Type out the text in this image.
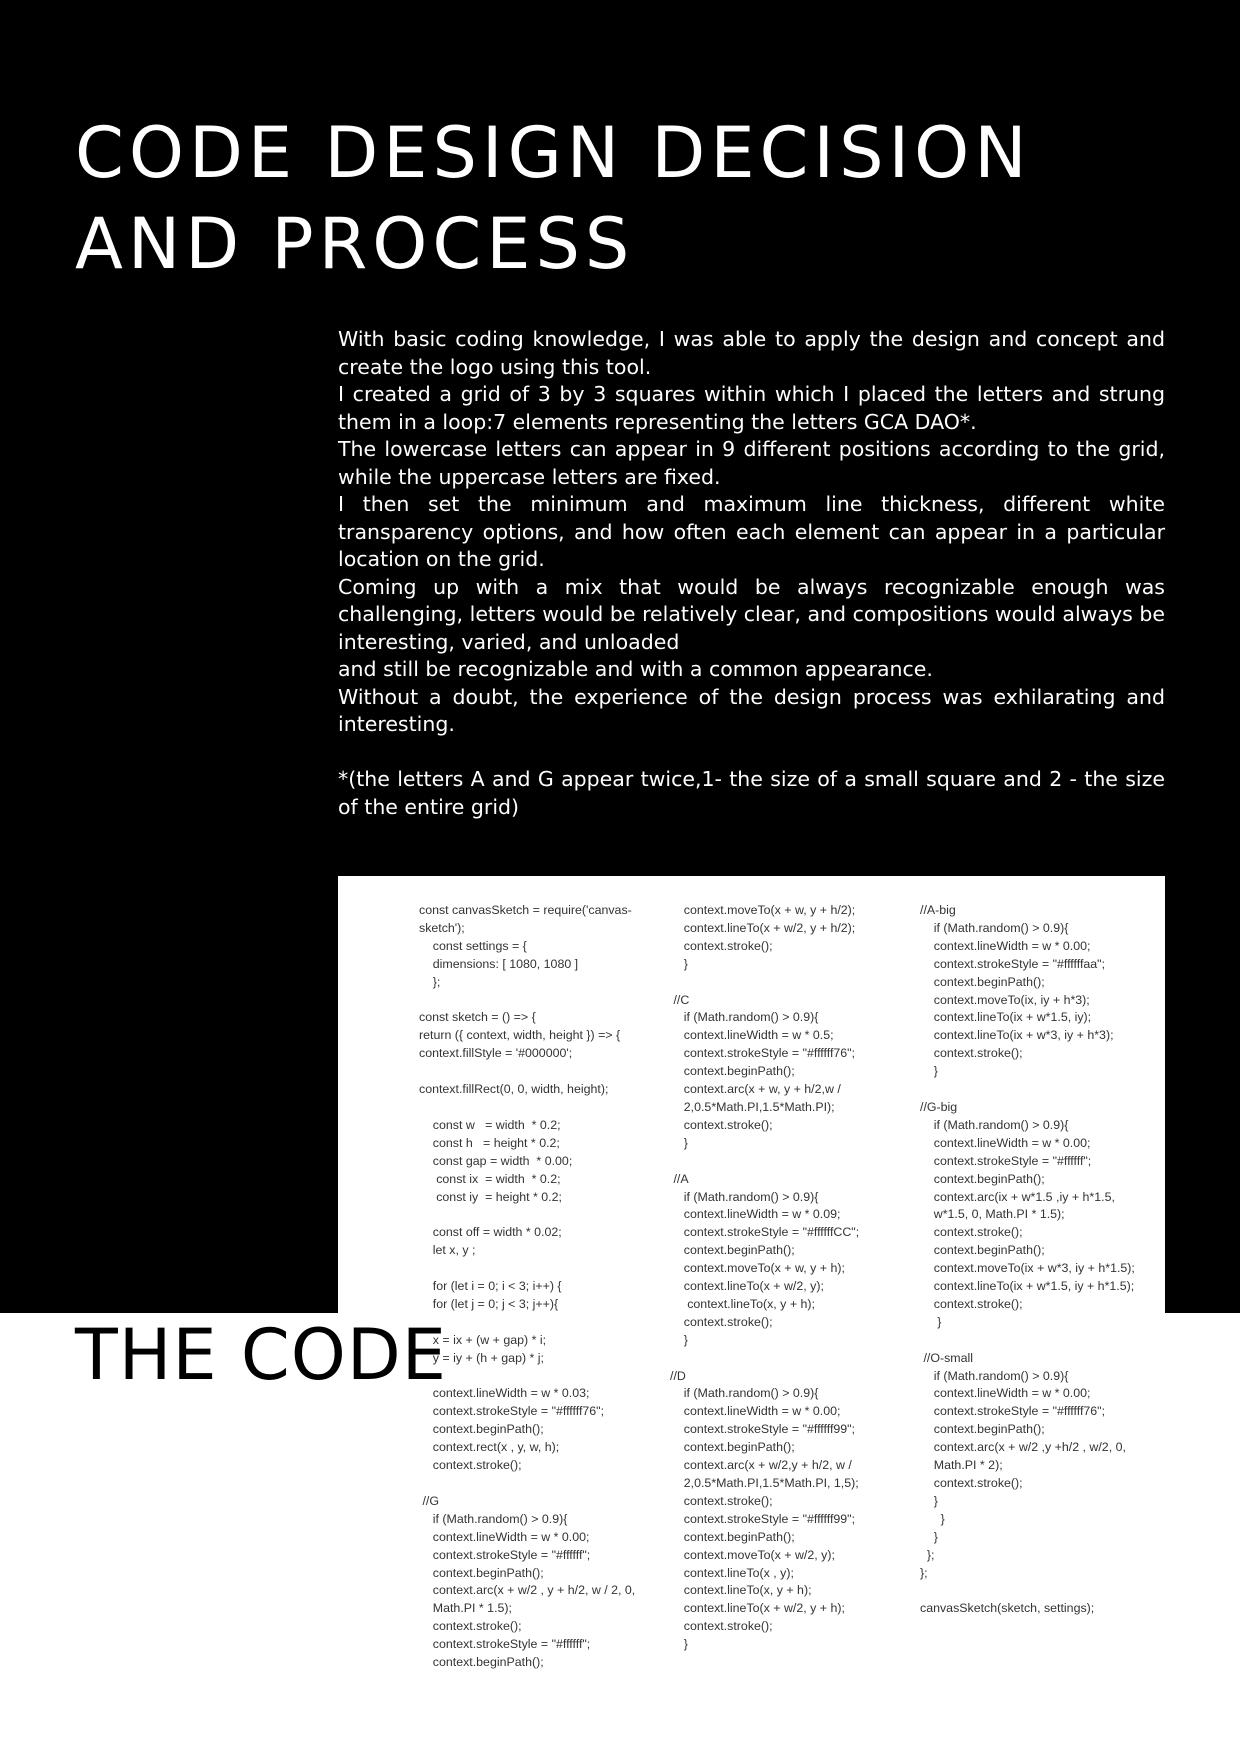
CODE DESIGN DECISION
AND PROCESS

With basic coding knowledge, I was able to apply the design and concept and create the logo using this tool.

I created a grid of 3 by 3 squares within which I placed the letters and strung them in a loop:7 elements representing the letters GCA DAO*.

The lowercase letters can appear in 9 different positions according to the grid, while the uppercase letters are fixed.

I then set the minimum and maximum line thickness, different white transparency options, and how often each element can appear in a particular location on the grid.

Coming up with a mix that would be always recognizable enough was challenging, letters would be relatively clear, and compositions would always be interesting, varied, and unloaded

and still be recognizable and with a common appearance.

Without a doubt, the experience of the design process was exhilarating and interesting.

*(the letters A and G appear twice,1- the size of a small square and 2 - the size of the entire grid)

const canvasSketch = require('canvas-
sketch');
const settings = {
dimensions: [ 1080, 1080 ]
};

const sketch = () => {
return ({ context, width, height }) => {
context.fillStyle = '#000000';

context.fillRect(0, 0, width, height);

const w   = width  * 0.2;
const h   = height * 0.2;
const gap = width  * 0.00;
const ix  = width  * 0.2;
const iy  = height * 0.2;

const off = width * 0.02;
let x, y ;

for (let i = 0; i < 3; i++) {
for (let j = 0; j < 3; j++){

x = ix + (w + gap) * i;
y = iy + (h + gap) * j;

context.lineWidth = w * 0.03;
context.strokeStyle = "#ffffff76";
context.beginPath();
context.rect(x , y, w, h);
context.stroke();

//G
if (Math.random() > 0.9){
context.lineWidth = w * 0.00;
context.strokeStyle = "#ffffff";
context.beginPath();
context.arc(x + w/2 , y + h/2, w / 2, 0,
Math.PI * 1.5);
context.stroke();
context.strokeStyle = "#ffffff";
context.beginPath();
context.moveTo(x + w, y + h/2);
context.lineTo(x + w/2, y + h/2);
context.stroke();
}

//C
if (Math.random() > 0.9){
context.lineWidth = w * 0.5;
context.strokeStyle = "#ffffff76";
context.beginPath();
context.arc(x + w, y + h/2,w /
2,0.5*Math.PI,1.5*Math.PI);
context.stroke();
}

//A
if (Math.random() > 0.9){
context.lineWidth = w * 0.09;
context.strokeStyle = "#ffffffCC";
context.beginPath();
context.moveTo(x + w, y + h);
context.lineTo(x + w/2, y);
context.lineTo(x, y + h);
context.stroke();
}

//D
if (Math.random() > 0.9){
context.lineWidth = w * 0.00;
context.strokeStyle = "#ffffff99";
context.beginPath();
context.arc(x + w/2,y + h/2, w /
2,0.5*Math.PI,1.5*Math.PI, 1,5);
context.stroke();
context.strokeStyle = "#ffffff99";
context.beginPath();
context.moveTo(x + w/2, y);
context.lineTo(x , y);
context.lineTo(x, y + h);
context.lineTo(x + w/2, y + h);
context.stroke();
}
//A-big
if (Math.random() > 0.9){
context.lineWidth = w * 0.00;
context.strokeStyle = "#ffffffaa";
context.beginPath();
context.moveTo(ix, iy + h*3);
context.lineTo(ix + w*1.5, iy);
context.lineTo(ix + w*3, iy + h*3);
context.stroke();
}

//G-big
if (Math.random() > 0.9){
context.lineWidth = w * 0.00;
context.strokeStyle = "#ffffff";
context.beginPath();
context.arc(ix + w*1.5 ,iy + h*1.5,
w*1.5, 0, Math.PI * 1.5);
context.stroke();
context.beginPath();
context.moveTo(ix + w*3, iy + h*1.5);
context.lineTo(ix + w*1.5, iy + h*1.5);
context.stroke();
}

//O-small
if (Math.random() > 0.9){
context.lineWidth = w * 0.00;
context.strokeStyle = "#ffffff76";
context.beginPath();
context.arc(x + w/2 ,y +h/2 , w/2, 0,
Math.PI * 2);
context.stroke();
}
}
}
};
};

canvasSketch(sketch, settings);
THE CODE
